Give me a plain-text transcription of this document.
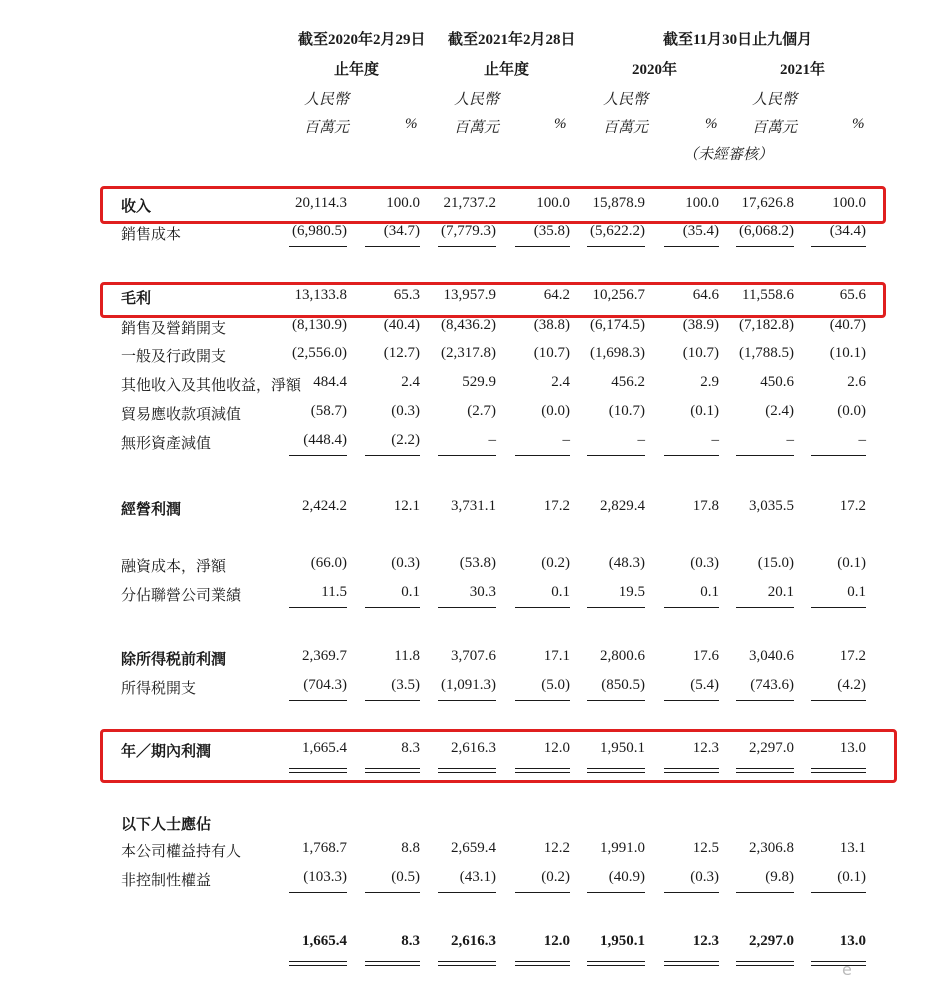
截至2020年2月29日
止年度
截至2021年2月28日
止年度
截至11月30日止九個月
2020年	2021年
人民幣
百萬元	%
人民幣
百萬元	%
人民幣
百萬元	%
人民幣
百萬元	%
（未經審核）
收入	20,114.3	100.0	21,737.2	100.0	15,878.9	100.0	17,626.8	100.0
銷售成本	(6,980.5)	(34.7)	(7,779.3)	(35.8)	(5,622.2)	(35.4)	(6,068.2)	(34.4)
毛利	13,133.8	65.3	13,957.9	64.2	10,256.7	64.6	11,558.6	65.6
銷售及營銷開支	(8,130.9)	(40.4)	(8,436.2)	(38.8)	(6,174.5)	(38.9)	(7,182.8)	(40.7)
一般及行政開支	(2,556.0)	(12.7)	(2,317.8)	(10.7)	(1,698.3)	(10.7)	(1,788.5)	(10.1)
其他收入及其他收益，淨額 484.4	2.4	529.9	2.4	456.2	2.9	450.6	2.6
貿易應收款項減值	(58.7)	(0.3)	(2.7)	(0.0)	(10.7)	(0.1)	(2.4)	(0.0)
無形資產減值	(448.4)	(2.2)	–	–	–	–	–	–
經營利潤	2,424.2	12.1	3,731.1	17.2	2,829.4	17.8	3,035.5	17.2
融資成本，淨額	(66.0)	(0.3)	(53.8)	(0.2)	(48.3)	(0.3)	(15.0)	(0.1)
分佔聯營公司業績	11.5	0.1	30.3	0.1	19.5	0.1	20.1	0.1
除所得税前利潤	2,369.7	11.8	3,707.6	17.1	2,800.6	17.6	3,040.6	17.2
所得税開支	(704.3)	(3.5)	(1,091.3)	(5.0)	(850.5)	(5.4)	(743.6)	(4.2)
年／期內利潤	1,665.4	8.3	2,616.3	12.0	1,950.1	12.3	2,297.0	13.0
以下人士應佔
本公司權益持有人	1,768.7	8.8	2,659.4	12.2	1,991.0	12.5	2,306.8	13.1
非控制性權益	(103.3)	(0.5)	(43.1)	(0.2)	(40.9)	(0.3)	(9.8)	(0.1)
1,665.4	8.3	2,616.3	12.0	1,950.1	12.3	2,297.0	13.0
e
